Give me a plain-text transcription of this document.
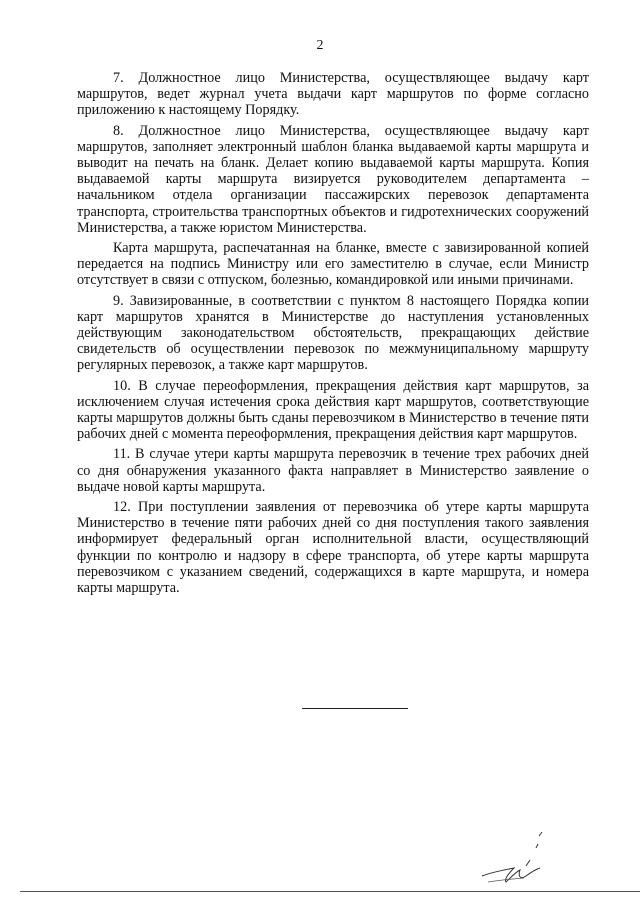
2

7. Должностное лицо Министерства, осуществляющее выдачу карт маршрутов, ведет журнал учета выдачи карт маршрутов по форме согласно приложению к настоящему Порядку.

8. Должностное лицо Министерства, осуществляющее выдачу карт маршрутов, заполняет электронный шаблон бланка выдаваемой карты маршрута и выводит на печать на бланк. Делает копию выдаваемой карты маршрута. Копия выдаваемой карты маршрута визируется руководителем департамента – начальником отдела организации пассажирских перевозок департамента транспорта, строительства транспортных объектов и гидротехнических сооружений Министерства, а также юристом Министерства.

Карта маршрута, распечатанная на бланке, вместе с завизированной копией передается на подпись Министру или его заместителю в случае, если Министр отсутствует в связи с отпуском, болезнью, командировкой или иными причинами.

9. Завизированные, в соответствии с пунктом 8 настоящего Порядка копии карт маршрутов хранятся в Министерстве до наступления установленных действующим законодательством обстоятельств, прекращающих действие свидетельств об осуществлении перевозок по межмуниципальному маршруту регулярных перевозок, а также карт маршрутов.

10. В случае переоформления, прекращения действия карт маршрутов, за исключением случая истечения срока действия карт маршрутов, соответствующие карты маршрутов должны быть сданы перевозчиком в Министерство в течение пяти рабочих дней с момента переоформления, прекращения действия карт маршрутов.

11. В случае утери карты маршрута перевозчик в течение трех рабочих дней со дня обнаружения указанного факта направляет в Министерство заявление о выдаче новой карты маршрута.

12. При поступлении заявления от перевозчика об утере карты маршрута Министерство в течение пяти рабочих дней со дня поступления такого заявления информирует федеральный орган исполнительной власти, осуществляющий функции по контролю и надзору в сфере транспорта, об утере карты маршрута перевозчиком с указанием сведений, содержащихся в карте маршрута, и номера карты маршрута.
